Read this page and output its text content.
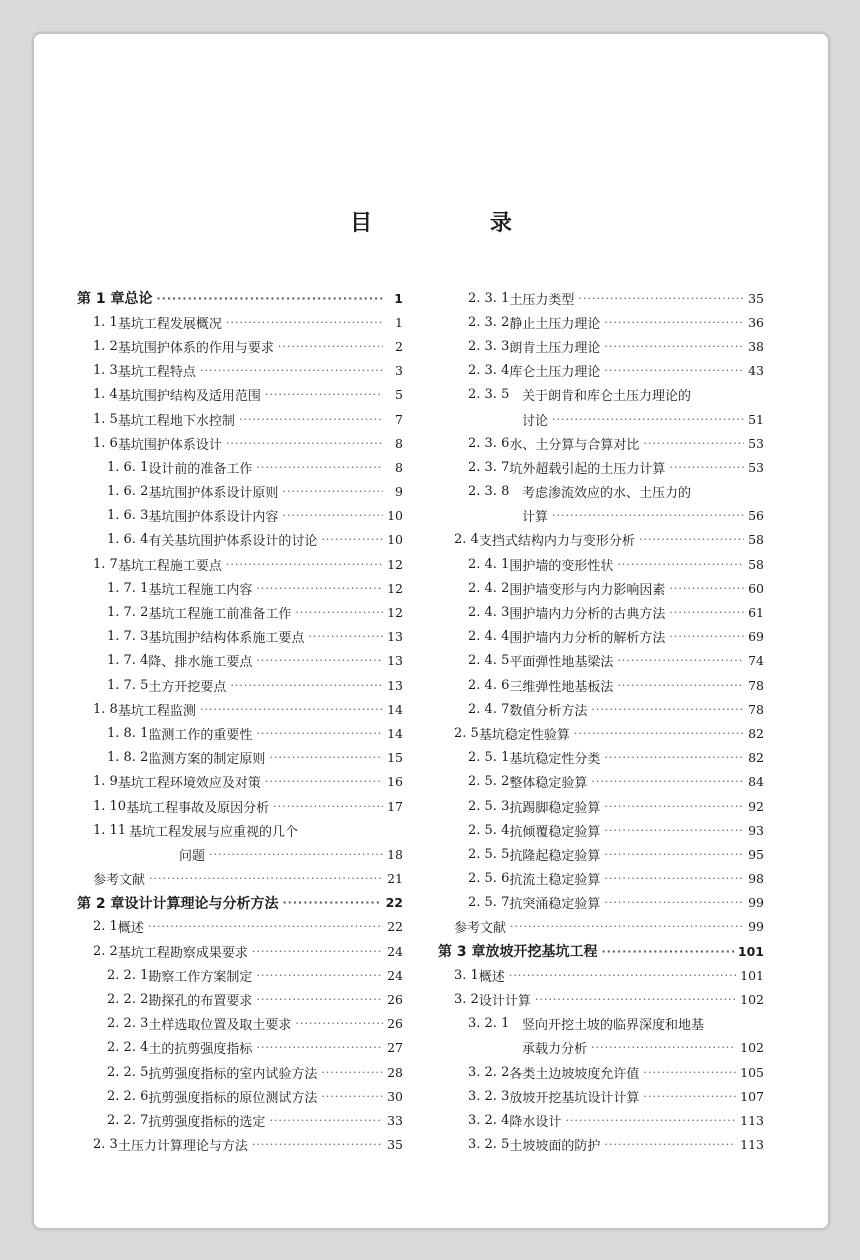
目 录
第 1 章 总论 ·····	1
1. 1 基坑工程发展概况 ·····	1
1. 2 基坑围护体系的作用与要求 ·····	2
1. 3 基坑工程特点 ·····	3
1. 4 基坑围护结构及适用范围 ·····	5
1. 5 基坑工程地下水控制 ·····	7
1. 6 基坑围护体系设计 ·····	8
1. 6. 1 设计前的准备工作 ·····	8
1. 6. 2 基坑围护体系设计原则 ·····	9
1. 6. 3 基坑围护体系设计内容 ·····	10
1. 6. 4 有关基坑围护体系设计的讨论 ·····	10
1. 7 基坑工程施工要点 ·····	12
1. 7. 1 基坑工程施工内容 ·····	12
1. 7. 2 基坑工程施工前准备工作 ·····	12
1. 7. 3 基坑围护结构体系施工要点 ·····	13
1. 7. 4 降、排水施工要点 ·····	13
1. 7. 5 土方开挖要点 ·····	13
1. 8 基坑工程监测 ·····	14
1. 8. 1 监测工作的重要性 ·····	14
1. 8. 2 监测方案的制定原则 ·····	15
1. 9 基坑工程环境效应及对策 ·····	16
1. 10 基坑工程事故及原因分析 ·····	17
1. 11 基坑工程发展与应重视的几个
问题 ·····	18
参考文献 ·····	21
第 2 章 设计计算理论与分析方法 ·····	22
2. 1 概述 ·····	22
2. 2 基坑工程勘察成果要求 ·····	24
2. 2. 1 勘察工作方案制定 ·····	24
2. 2. 2 勘探孔的布置要求 ·····	26
2. 2. 3 土样选取位置及取土要求 ·····	26
2. 2. 4 土的抗剪强度指标 ·····	27
2. 2. 5 抗剪强度指标的室内试验方法 ·····	28
2. 2. 6 抗剪强度指标的原位测试方法 ·····	30
2. 2. 7 抗剪强度指标的选定 ·····	33
2. 3 土压力计算理论与方法 ·····	35
2. 3. 1 土压力类型 ·····	35
2. 3. 2 静止土压力理论 ·····	36
2. 3. 3 朗肯土压力理论 ·····	38
2. 3. 4 库仑土压力理论 ·····	43
2. 3. 5 关于朗肯和库仑土压力理论的
讨论 ·····	51
2. 3. 6 水、土分算与合算对比 ·····	53
2. 3. 7 坑外超载引起的土压力计算 ·····	53
2. 3. 8 考虑渗流效应的水、土压力的
计算 ·····	56
2. 4 支挡式结构内力与变形分析 ·····	58
2. 4. 1 围护墙的变形性状 ·····	58
2. 4. 2 围护墙变形与内力影响因素 ·····	60
2. 4. 3 围护墙内力分析的古典方法 ·····	61
2. 4. 4 围护墙内力分析的解析方法 ·····	69
2. 4. 5 平面弹性地基梁法 ·····	74
2. 4. 6 三维弹性地基板法 ·····	78
2. 4. 7 数值分析方法 ·····	78
2. 5 基坑稳定性验算 ·····	82
2. 5. 1 基坑稳定性分类 ·····	82
2. 5. 2 整体稳定验算 ·····	84
2. 5. 3 抗踢脚稳定验算 ·····	92
2. 5. 4 抗倾覆稳定验算 ·····	93
2. 5. 5 抗隆起稳定验算 ·····	95
2. 5. 6 抗流土稳定验算 ·····	98
2. 5. 7 抗突涌稳定验算 ·····	99
参考文献 ·····	99
第 3 章 放坡开挖基坑工程 ·····	101
3. 1 概述 ·····	101
3. 2 设计计算 ·····	102
3. 2. 1 竖向开挖土坡的临界深度和地基
承载力分析 ·····	102
3. 2. 2 各类土边坡坡度允许值 ·····	105
3. 2. 3 放坡开挖基坑设计计算 ·····	107
3. 2. 4 降水设计 ·····	113
3. 2. 5 土坡坡面的防护 ·····	113
